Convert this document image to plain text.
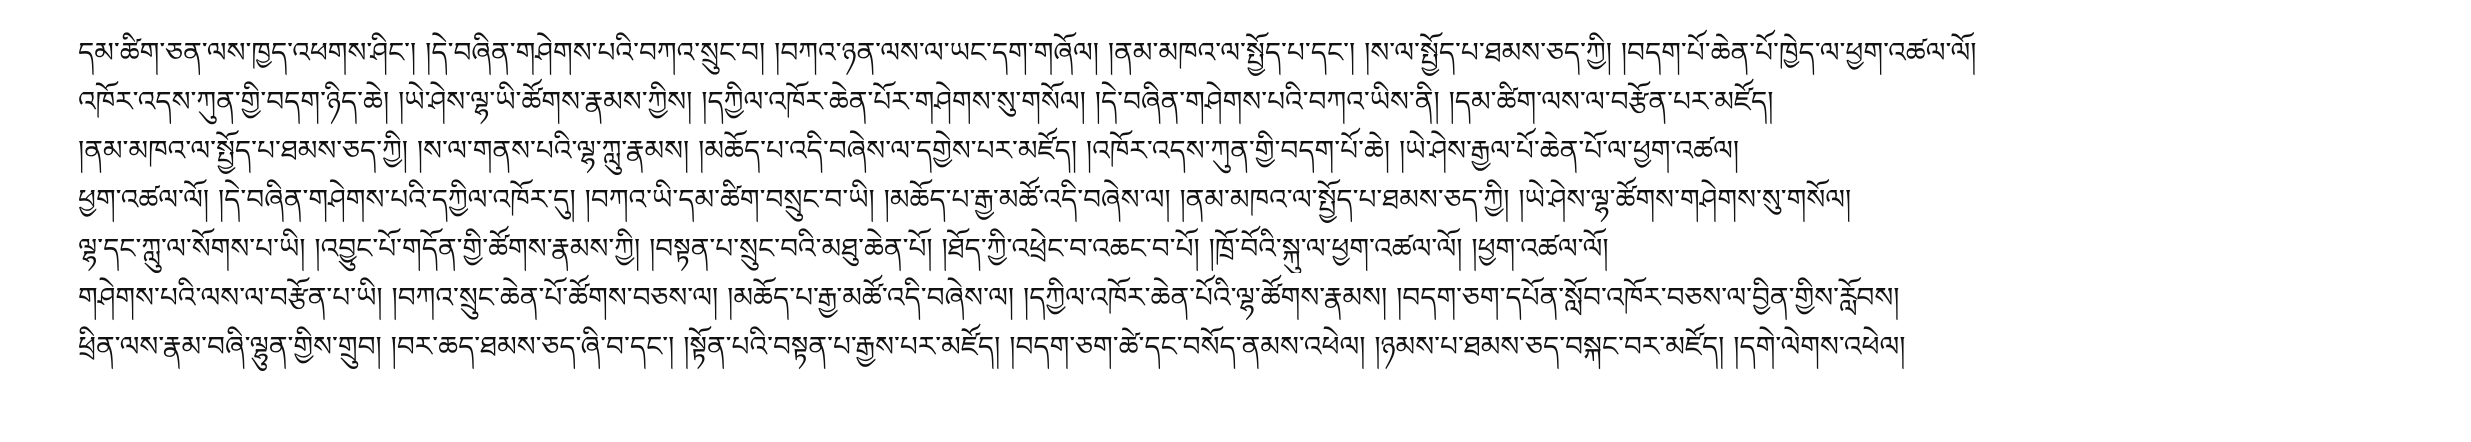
དམ་ཚིག་ཅན་ལས་ཁྱད་འཕགས་ཤིང་། །དེ་བཞིན་གཤེགས་པའི་བཀའ་སྲུང་བ། །བཀའ་ཉན་ལས་ལ་ཡང་དག་གཞོལ། །ནམ་མཁའ་ལ་སྤྱོད་པ་དང་། །ས་ལ་སྤྱོད་པ་ཐམས་ཅད་ཀྱི། །བདག་པོ་ཆེན་པོ་ཁྱེད་ལ་ཕྱག་འཚལ་ལོ།
འཁོར་འདས་ཀུན་གྱི་བདག་ཉིད་ཆེ། །ཡེ་ཤེས་ལྷ་ཡི་ཚོགས་རྣམས་ཀྱིས། །དཀྱིལ་འཁོར་ཆེན་པོར་གཤེགས་སུ་གསོལ། །དེ་བཞིན་གཤེགས་པའི་བཀའ་ཡིས་ནི། །དམ་ཚིག་ལས་ལ་བརྩོན་པར་མཛོད།
།ནམ་མཁའ་ལ་སྤྱོད་པ་ཐམས་ཅད་ཀྱི། །ས་ལ་གནས་པའི་ལྷ་ཀླུ་རྣམས། །མཆོད་པ་འདི་བཞེས་ལ་དགྱེས་པར་མཛོད། །འཁོར་འདས་ཀུན་གྱི་བདག་པོ་ཆེ། །ཡེ་ཤེས་རྒྱལ་པོ་ཆེན་པོ་ལ་ཕྱག་འཚལ།
ཕྱག་འཚལ་ལོ། །དེ་བཞིན་གཤེགས་པའི་དཀྱིལ་འཁོར་དུ། །བཀའ་ཡི་དམ་ཚིག་བསྲུང་བ་ཡི། །མཆོད་པ་རྒྱ་མཚོ་འདི་བཞེས་ལ། །ནམ་མཁའ་ལ་སྤྱོད་པ་ཐམས་ཅད་ཀྱི། །ཡེ་ཤེས་ལྷ་ཚོགས་གཤེགས་སུ་གསོལ།
ལྷ་དང་ཀླུ་ལ་སོགས་པ་ཡི། །འབྱུང་པོ་གདོན་གྱི་ཚོགས་རྣམས་ཀྱི། །བསྟན་པ་སྲུང་བའི་མཐུ་ཆེན་པོ། །ཐོད་ཀྱི་འཕྲེང་བ་འཆང་བ་པོ། །ཁྲོ་བོའི་སྐུ་ལ་ཕྱག་འཚལ་ལོ། །ཕྱག་འཚལ་ལོ།
གཤེགས་པའི་ལས་ལ་བརྩོན་པ་ཡི། །བཀའ་སྲུང་ཆེན་པོ་ཚོགས་བཅས་ལ། །མཆོད་པ་རྒྱ་མཚོ་འདི་བཞེས་ལ། །དཀྱིལ་འཁོར་ཆེན་པོའི་ལྷ་ཚོགས་རྣམས། །བདག་ཅག་དཔོན་སློབ་འཁོར་བཅས་ལ་བྱིན་གྱིས་རློབས།
ཕྲིན་ལས་རྣམ་བཞི་ལྷུན་གྱིས་གྲུབ། །བར་ཆད་ཐམས་ཅད་ཞི་བ་དང་། །སྟོན་པའི་བསྟན་པ་རྒྱས་པར་མཛོད། །བདག་ཅག་ཚེ་དང་བསོད་ནམས་འཕེལ། །ཉམས་པ་ཐམས་ཅད་བསྐང་བར་མཛོད། །དགེ་ལེགས་འཕེལ།
